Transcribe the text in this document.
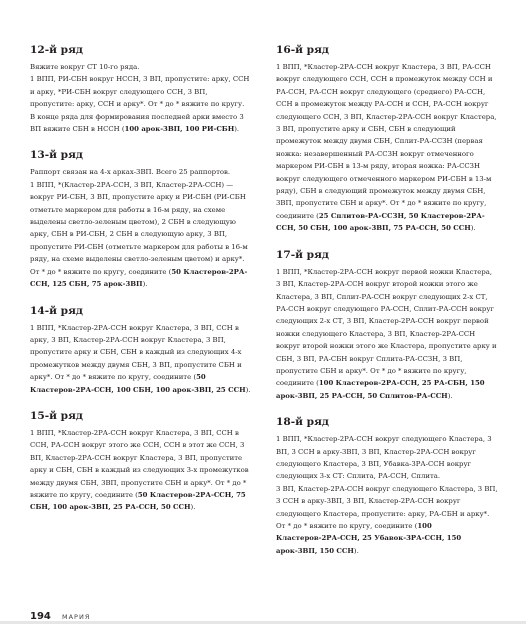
12-й ряд

Вяжите вокруг СТ 10-го ряда.

1 ВПП, РИ-СБН вокруг НССН, 3 ВП, пропустите: арку, ССН и арку, *РИ-СБН вокруг следующего ССН, 3 ВП, пропустите: арку, ССН и арку*. От * до * вяжите по кругу.

В конце ряда для формирования последней арки вместо 3 ВП вяжите СБН в НССН (100 арок-3ВП, 100 РИ-СБН).

13-й ряд

Раппорт связан на 4-х арках-3ВП. Всего 25 раппортов.

1 ВПП, *(Кластер-2РА-ССН, 3 ВП, Кластер-2РА-ССН) — вокруг РИ-СБН, 3 ВП, пропустите арку и РИ-СБН (РИ-СБН отметьте маркером для работы в 16-м ряду, на схеме выделены светло-зеленым цветом), 2 СБН в следующую арку, СБН в РИ-СБН, 2 СБН в следующую арку, 3 ВП, пропустите РИ-СБН (отметьте маркером для работы в 16-м ряду, на схеме выделены светло-зеленым цветом) и арку*. От * до * вяжите по кругу, соедините (50 Кластеров-2РА-ССН, 125 СБН, 75 арок-3ВП).

14-й ряд

1 ВПП, *Кластер-2РА-ССН вокруг Кластера, 3 ВП, ССН в арку, 3 ВП, Кластер-2РА-ССН вокруг Кластера, 3 ВП, пропустите арку и СБН, СБН в каждый из следующих 4-х промежутков между двумя СБН, 3 ВП, пропустите СБН и арку*. От * до * вяжите по кругу, соедините (50 Кластеров-2РА-ССН, 100 СБН, 100 арок-3ВП, 25 ССН).

15-й ряд

1 ВПП, *Кластер-2РА-ССН вокруг Кластера, 3 ВП, ССН в ССН, РА-ССН вокруг этого же ССН, ССН в этот же ССН, 3 ВП, Кластер-2РА-ССН вокруг Кластера, 3 ВП, пропустите арку и СБН, СБН в каждый из следующих 3-х промежутков между двумя СБН, 3ВП, пропустите СБН и арку*. От * до * вяжите по кругу, соедините (50 Кластеров-2РА-ССН, 75 СБН, 100 арок-3ВП, 25 РА-ССН, 50 ССН).

16-й ряд

1 ВПП, *Кластер-2РА-ССН вокруг Кластера, 3 ВП, РА-ССН вокруг следующего ССН, ССН в промежуток между ССН и РА-ССН, РА-ССН вокруг следующего (среднего) РА-ССН, ССН в промежуток между РА-ССН и ССН, РА-ССН вокруг следующего ССН, 3 ВП, Кластер-2РА-ССН вокруг Кластера, 3 ВП, пропустите арку и СБН, СБН в следующий промежуток между двумя СБН, Сплит-РА-ССЗН (первая ножка: незавершенный РА-ССЗН вокруг отмеченного маркером РИ-СБН в 13-м ряду, вторая ножка: РА-ССЗН вокруг следующего отмеченного маркером РИ-СБН в 13-м ряду), СБН в следующий промежуток между двумя СБН, 3ВП, пропустите СБН и арку*. От * до * вяжите по кругу, соедините (25 Сплитов-РА-ССЗН, 50 Кластеров-2РА-ССН, 50 СБН, 100 арок-3ВП, 75 РА-ССН, 50 ССН).

17-й ряд

1 ВПП, *Кластер-2РА-ССН вокруг первой ножки Кластера, 3 ВП, Кластер-2РА-ССН вокруг второй ножки этого же Кластера, 3 ВП, Сплит-РА-ССН вокруг следующих 2-х СТ, РА-ССН вокруг следующего РА-ССН, Сплит-РА-ССН вокруг следующих 2-х СТ, 3 ВП, Кластер-2РА-ССН вокруг первой ножки следующего Кластера, 3 ВП, Кластер-2РА-ССН вокруг второй ножки этого же Кластера, пропустите арку и СБН, 3 ВП, РА-СБН вокруг Сплита-РА-ССЗН, 3 ВП, пропустите СБН и арку*. От * до * вяжите по кругу, соедините (100 Кластеров-2РА-ССН, 25 РА-СБН, 150 арок-3ВП, 25 РА-ССН, 50 Сплитов-РА-ССН).

18-й ряд

1 ВПП, *Кластер-2РА-ССН вокруг следующего Кластера, 3 ВП, 3 ССН в арку-3ВП, 3 ВП, Кластер-2РА-ССН вокруг следующего Кластера, 3 ВП, Убавка-3РА-ССН вокруг следующих 3-х СТ: Сплита, РА-ССН, Сплита.

3 ВП, Кластер-2РА-ССН вокруг следующего Кластера, 3 ВП, 3 ССН в арку-3ВП, 3 ВП, Кластер-2РА-ССН вокруг следующего Кластера, пропустите: арку, РА-СБН и арку*. От * до * вяжите по кругу, соедините (100 Кластеров-2РА-ССН, 25 Убавок-3РА-ССН, 150 арок-3ВП, 150 ССН).

194 МАРИЯ
